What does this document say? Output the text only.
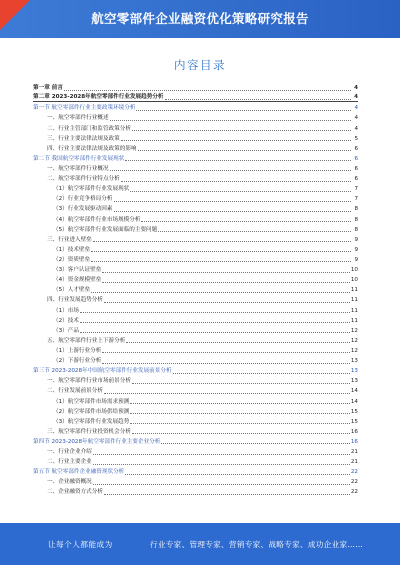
航空零部件企业融资优化策略研究报告
内容目录
第一章 前言	4
第二章 2023-2028年航空零部件行业发展趋势分析	4
第一节 航空零部件行业主要政策环境分析	4
一、航空零部件行业概述	4
二、行业主管部门和监管政策分析	4
三、行业主要法律法规及政策	5
四、行业主要法律法规及政策的影响	6
第二节 我国航空零部件行业发展现状	6
一、航空零部件行业概况	6
二、航空零部件行业特点分析	6
（1）航空零部件行业发展现状	7
（2）行业竞争格局分析	7
（3）行业发展驱动因素	8
（4）航空零部件行业市场规模分析	8
（5）航空零部件行业发展面临的主要问题	8
三、行业进入壁垒	9
（1）技术壁垒	9
（2）资质壁垒	9
（3）客户认证壁垒	10
（4）资金规模壁垒	10
（5）人才壁垒	11
四、行业发展趋势分析	11
（1）市场	11
（2）技术	11
（3）产品	12
五、航空零部件行业上下游分析	12
（1）上游行业分析	12
（2）下游行业分析	13
第三节 2023-2028年中国航空零部件行业发展前景分析	13
一、航空零部件行业市场前景分析	13
二、行业发展前景分析	14
（1）航空零部件市场需求预测	14
（2）航空零部件市场供给预测	15
（3）航空零部件行业发展趋势	15
三、航空零部件行业投资机会分析	16
第四节 2023-2028年航空零部件行业主要企业分析	16
一、行业企业介绍	21
二、行业主要企业	21
第五节 航空零部件企业融资现状分析	22
一、企业融资概况	22
二、企业融资方式分析	22
让每个人都能成为	行业专家、管理专家、营销专家、战略专家、成功企业家……
